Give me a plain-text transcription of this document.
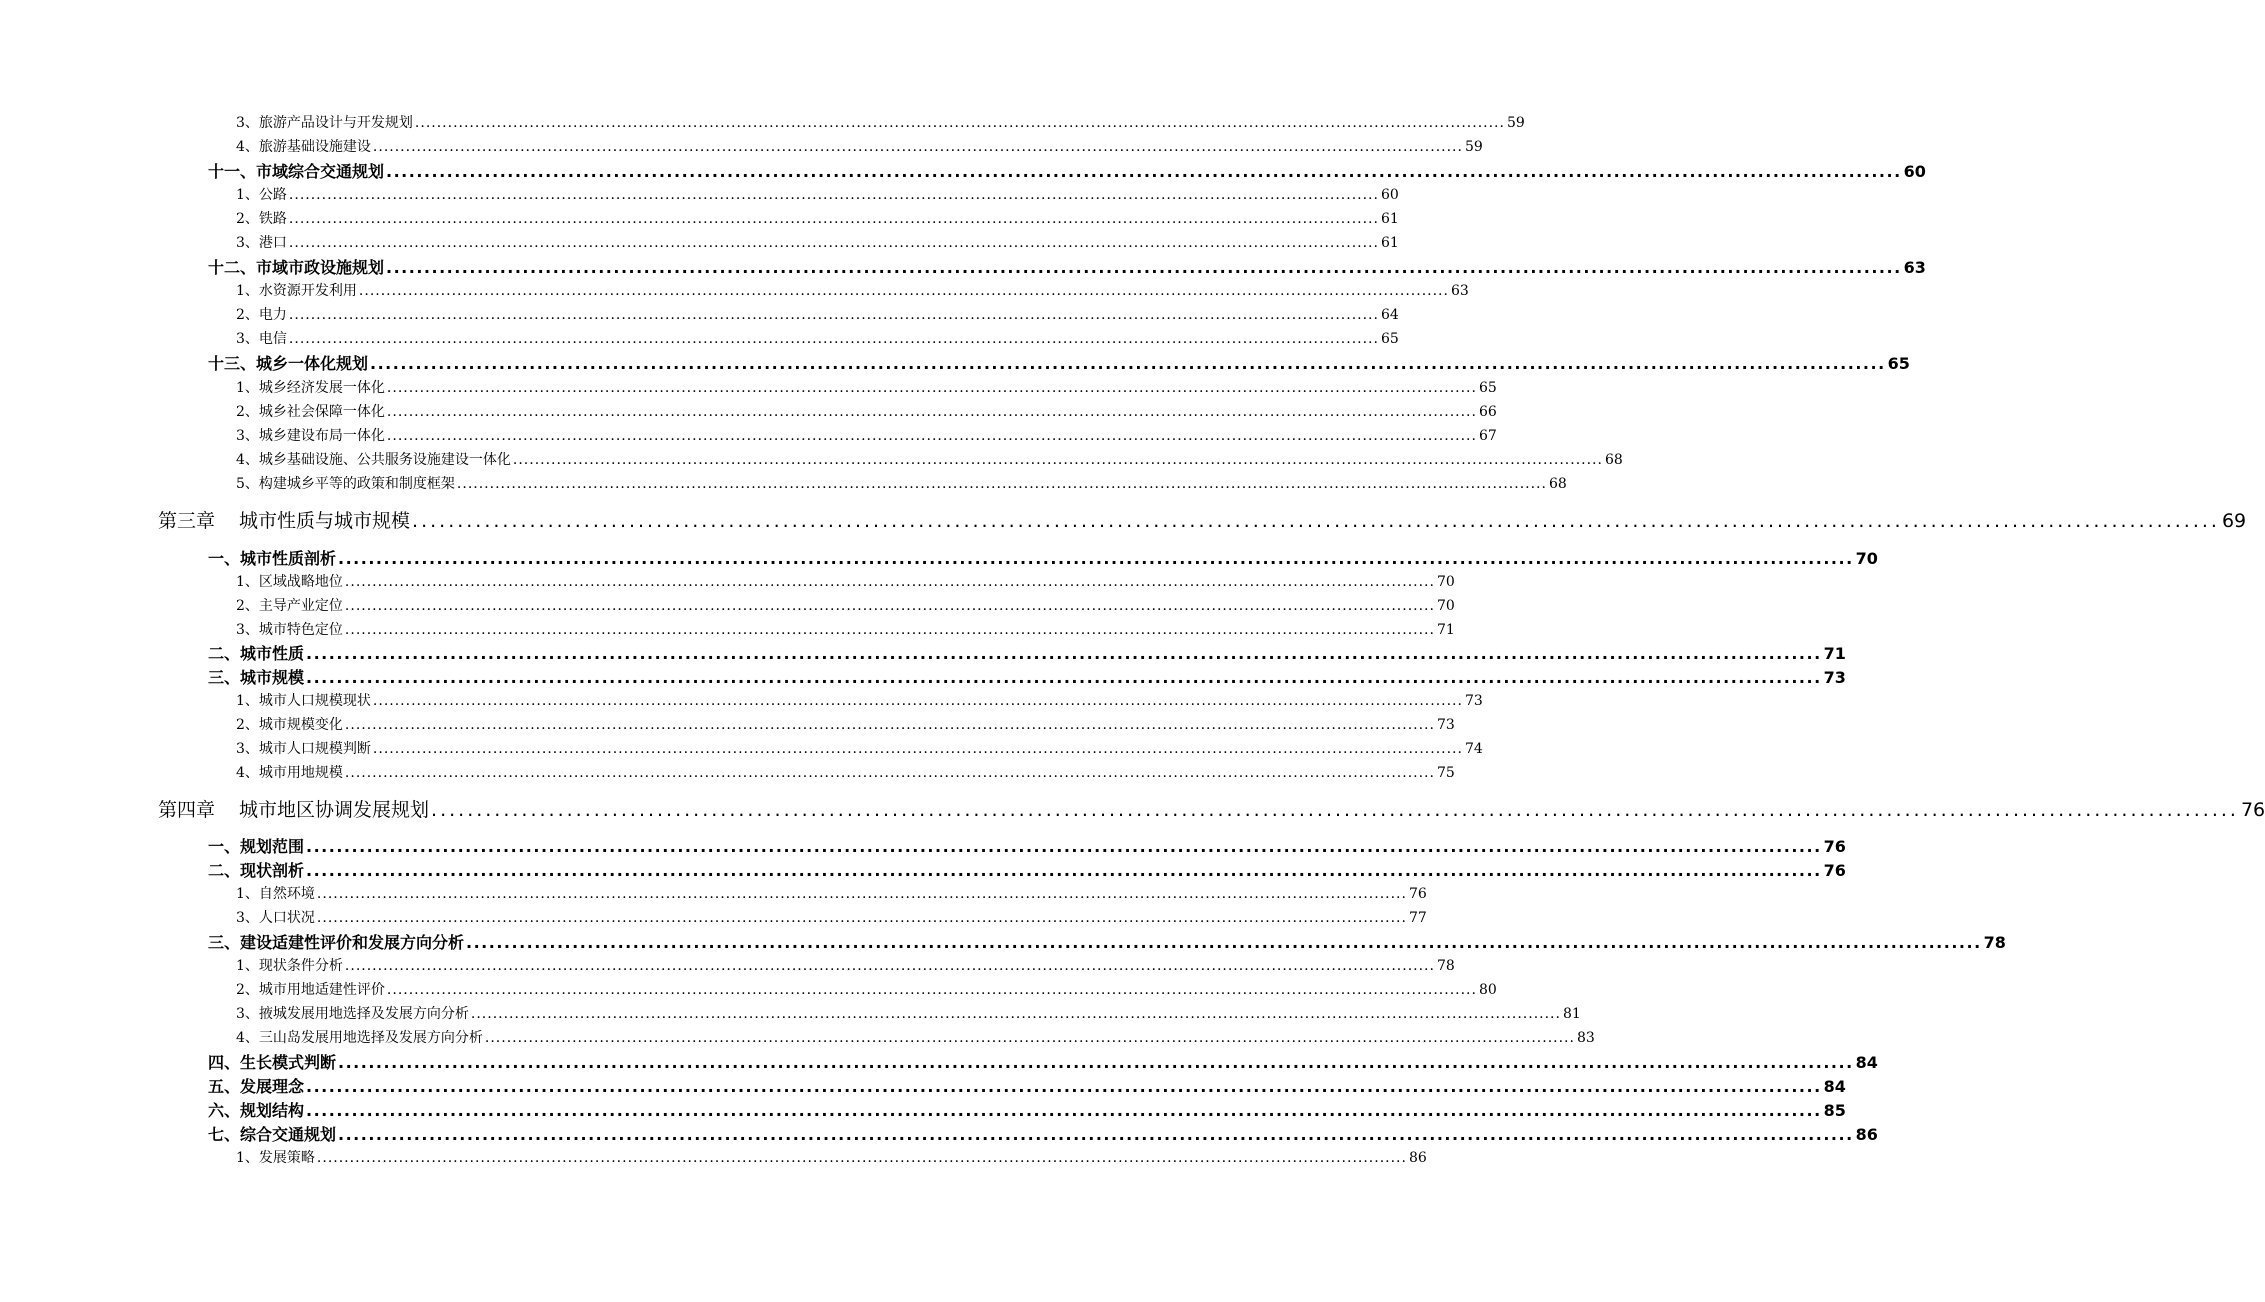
3、旅游产品设计与开发规划 ........................................................................................................................................................................................................ 59
4、旅游基础设施建设 ........................................................................................................................................................................................................ 59
十一、市域综合交通规划 ........................................................................................................................................................................................................ 60
1、公路 ........................................................................................................................................................................................................ 60
2、铁路 ........................................................................................................................................................................................................ 61
3、港口 ........................................................................................................................................................................................................ 61
十二、市域市政设施规划 ........................................................................................................................................................................................................ 63
1、水资源开发利用 ........................................................................................................................................................................................................ 63
2、电力 ........................................................................................................................................................................................................ 64
3、电信 ........................................................................................................................................................................................................ 65
十三、城乡一体化规划 ........................................................................................................................................................................................................ 65
1、城乡经济发展一体化 ........................................................................................................................................................................................................ 65
2、城乡社会保障一体化 ........................................................................................................................................................................................................ 66
3、城乡建设布局一体化 ........................................................................................................................................................................................................ 67
4、城乡基础设施、公共服务设施建设一体化 ........................................................................................................................................................................................................ 68
5、构建城乡平等的政策和制度框架 ........................................................................................................................................................................................................ 68
第三章 城市性质与城市规模 ........................................................................................................................................................................................................ 69
一、城市性质剖析 ........................................................................................................................................................................................................ 70
1、区域战略地位 ........................................................................................................................................................................................................ 70
2、主导产业定位 ........................................................................................................................................................................................................ 70
3、城市特色定位 ........................................................................................................................................................................................................ 71
二、城市性质 ........................................................................................................................................................................................................ 71
三、城市规模 ........................................................................................................................................................................................................ 73
1、城市人口规模现状 ........................................................................................................................................................................................................ 73
2、城市规模变化 ........................................................................................................................................................................................................ 73
3、城市人口规模判断 ........................................................................................................................................................................................................ 74
4、城市用地规模 ........................................................................................................................................................................................................ 75
第四章 城市地区协调发展规划 ........................................................................................................................................................................................................ 76
一、规划范围 ........................................................................................................................................................................................................ 76
二、现状剖析 ........................................................................................................................................................................................................ 76
1、自然环境 ........................................................................................................................................................................................................ 76
3、人口状况 ........................................................................................................................................................................................................ 77
三、建设适建性评价和发展方向分析 ........................................................................................................................................................................................................ 78
1、现状条件分析 ........................................................................................................................................................................................................ 78
2、城市用地适建性评价 ........................................................................................................................................................................................................ 80
3、掖城发展用地选择及发展方向分析 ........................................................................................................................................................................................................ 81
4、三山岛发展用地选择及发展方向分析 ........................................................................................................................................................................................................ 83
四、生长模式判断 ........................................................................................................................................................................................................ 84
五、发展理念 ........................................................................................................................................................................................................ 84
六、规划结构 ........................................................................................................................................................................................................ 85
七、综合交通规划 ........................................................................................................................................................................................................ 86
1、发展策略 ........................................................................................................................................................................................................ 86
